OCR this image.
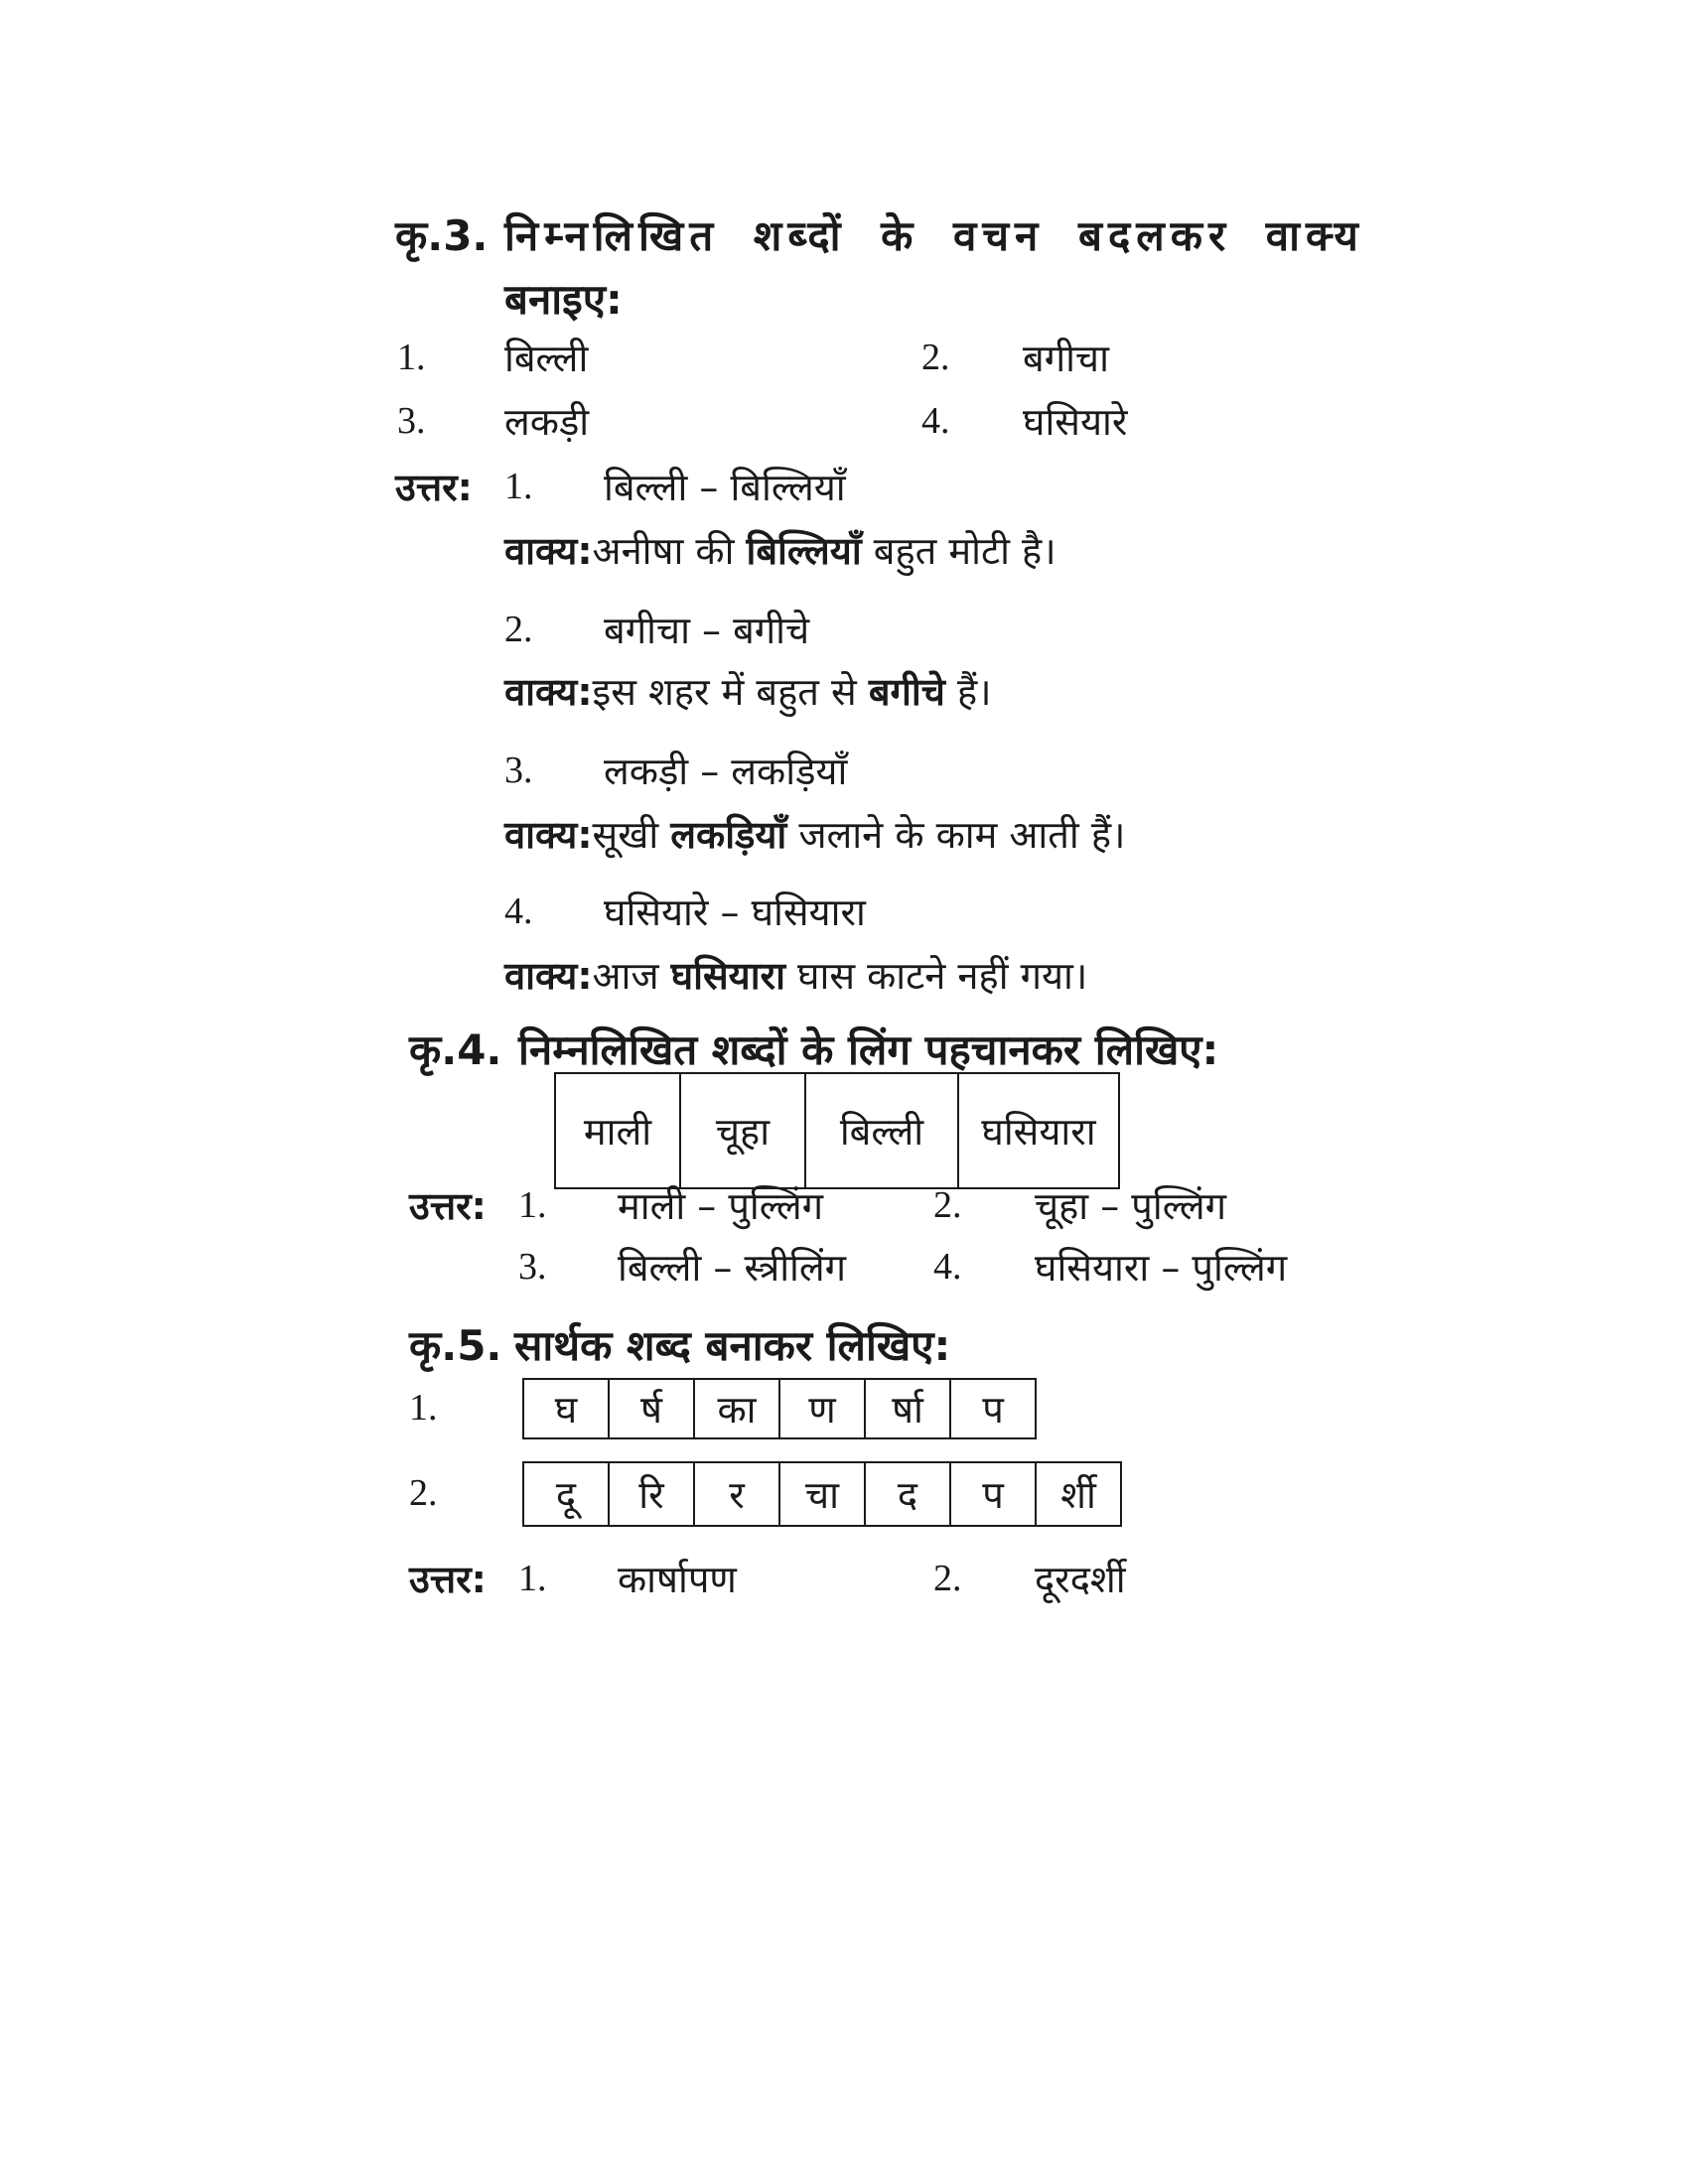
कृ.3. निम्नलिखित शब्दों के वचन बदलकर वाक्य
बनाइए:
1. बिल्ली	2. बगीचा
3. लकड़ी	4. घसियारे
उत्तर: 1. बिल्ली – बिल्लियाँ
वाक्य:अनीषा की बिल्लियाँ बहुत मोटी है।
2. बगीचा – बगीचे
वाक्य:इस शहर में बहुत से बगीचे हैं।
3. लकड़ी – लकड़ियाँ
वाक्य:सूखी लकड़ियाँ जलाने के काम आती हैं।
4. घसियारे – घसियारा
वाक्य:आज घसियारा घास काटने नहीं गया।
कृ.4. निम्नलिखित शब्दों के लिंग पहचानकर लिखिए:
माली	चूहा	बिल्ली	घसियारा
उत्तर: 1. माली – पुल्लिंग	2. चूहा – पुल्लिंग
3. बिल्ली – स्त्रीलिंग 4. घसियारा – पुल्लिंग
कृ.5. सार्थक शब्द बनाकर लिखिए:
1.	घ	र्ष	का	ण	र्षा	प
2.	दू	रि	र	चा	द	प	र्शी
उत्तर: 1. कार्षापण	2. दूरदर्शी
